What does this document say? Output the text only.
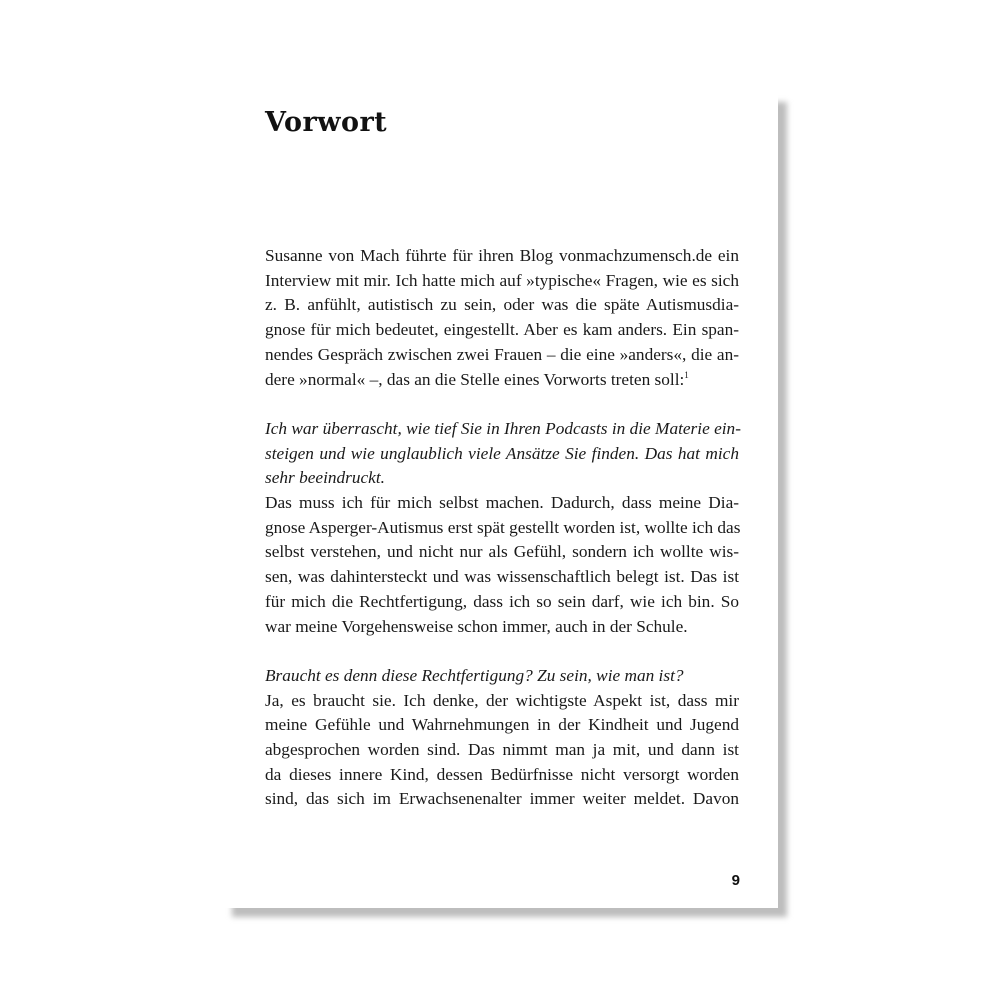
Vorwort

Susanne von Mach führte für ihren Blog vonmachzumensch.de ein
Interview mit mir. Ich hatte mich auf »typische« Fragen, wie es sich
z. B. anfühlt, autistisch zu sein, oder was die späte Autismusdia-
gnose für mich bedeutet, eingestellt. Aber es kam anders. Ein span-
nendes Gespräch zwischen zwei Frauen – die eine »anders«, die an-
dere »normal« –, das an die Stelle eines Vorworts treten soll:$^1$

Ich war überrascht, wie tief Sie in Ihren Podcasts in die Materie ein-
steigen und wie unglaublich viele Ansätze Sie finden. Das hat mich
sehr beeindruckt.

Das muss ich für mich selbst machen. Dadurch, dass meine Dia-
gnose Asperger-Autismus erst spät gestellt worden ist, wollte ich das
selbst verstehen, und nicht nur als Gefühl, sondern ich wollte wis-
sen, was dahintersteckt und was wissenschaftlich belegt ist. Das ist
für mich die Rechtfertigung, dass ich so sein darf, wie ich bin. So
war meine Vorgehensweise schon immer, auch in der Schule.

Braucht es denn diese Rechtfertigung? Zu sein, wie man ist?

Ja, es braucht sie. Ich denke, der wichtigste Aspekt ist, dass mir
meine Gefühle und Wahrnehmungen in der Kindheit und Jugend
abgesprochen worden sind. Das nimmt man ja mit, und dann ist
da dieses innere Kind, dessen Bedürfnisse nicht versorgt worden
sind, das sich im Erwachsenenalter immer weiter meldet. Davon

9
